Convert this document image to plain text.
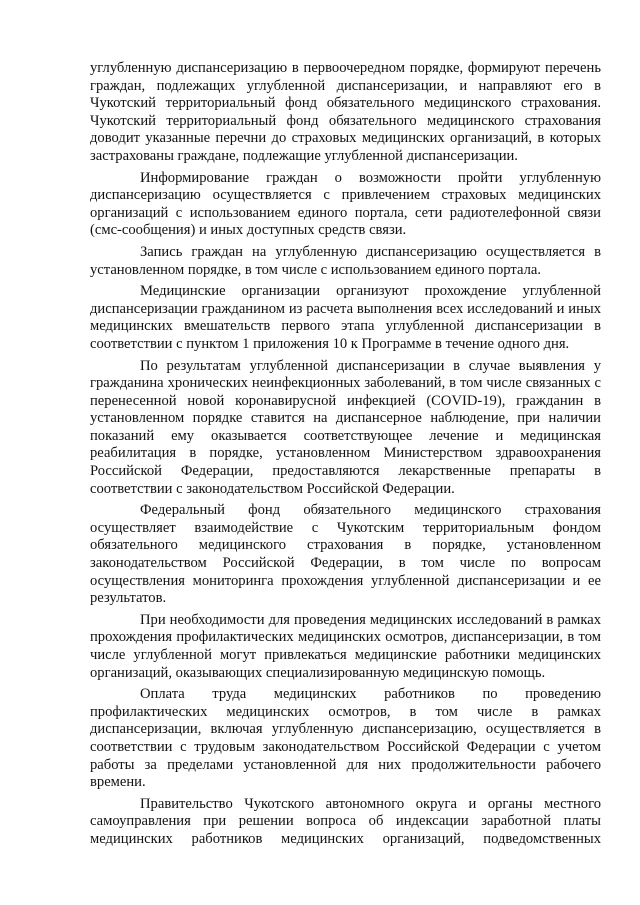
углубленную диспансеризацию в первоочередном порядке, формируют перечень граждан, подлежащих углубленной диспансеризации, и направляют его в Чукотский территориальный фонд обязательного медицинского страхования. Чукотский территориальный фонд обязательного медицинского страхования доводит указанные перечни до страховых медицинских организаций, в которых застрахованы граждане, подлежащие углубленной диспансеризации.

Информирование граждан о возможности пройти углубленную диспансеризацию осуществляется с привлечением страховых медицинских организаций с использованием единого портала, сети радиотелефонной связи (смс-сообщения) и иных доступных средств связи.

Запись граждан на углубленную диспансеризацию осуществляется в установленном порядке, в том числе с использованием единого портала.

Медицинские организации организуют прохождение углубленной диспансеризации гражданином из расчета выполнения всех исследований и иных медицинских вмешательств первого этапа углубленной диспансеризации в соответствии с пунктом 1 приложения 10 к Программе в течение одного дня.

По результатам углубленной диспансеризации в случае выявления у гражданина хронических неинфекционных заболеваний, в том числе связанных с перенесенной новой коронавирусной инфекцией (COVID-19), гражданин в установленном порядке ставится на диспансерное наблюдение, при наличии показаний ему оказывается соответствующее лечение и медицинская реабилитация в порядке, установленном Министерством здравоохранения Российской Федерации, предоставляются лекарственные препараты в соответствии с законодательством Российской Федерации.

Федеральный фонд обязательного медицинского страхования осуществляет взаимодействие с Чукотским территориальным фондом обязательного медицинского страхования в порядке, установленном законодательством Российской Федерации, в том числе по вопросам осуществления мониторинга прохождения углубленной диспансеризации и ее результатов.

При необходимости для проведения медицинских исследований в рамках прохождения профилактических медицинских осмотров, диспансеризации, в том числе углубленной могут привлекаться медицинские работники медицинских организаций, оказывающих специализированную медицинскую помощь.

Оплата труда медицинских работников по проведению профилактических медицинских осмотров, в том числе в рамках диспансеризации, включая углубленную диспансеризацию, осуществляется в соответствии с трудовым законодательством Российской Федерации с учетом работы за пределами установленной для них продолжительности рабочего времени.

Правительство Чукотского автономного округа и органы местного самоуправления при решении вопроса об индексации заработной платы медицинских работников медицинских организаций, подведомственных
